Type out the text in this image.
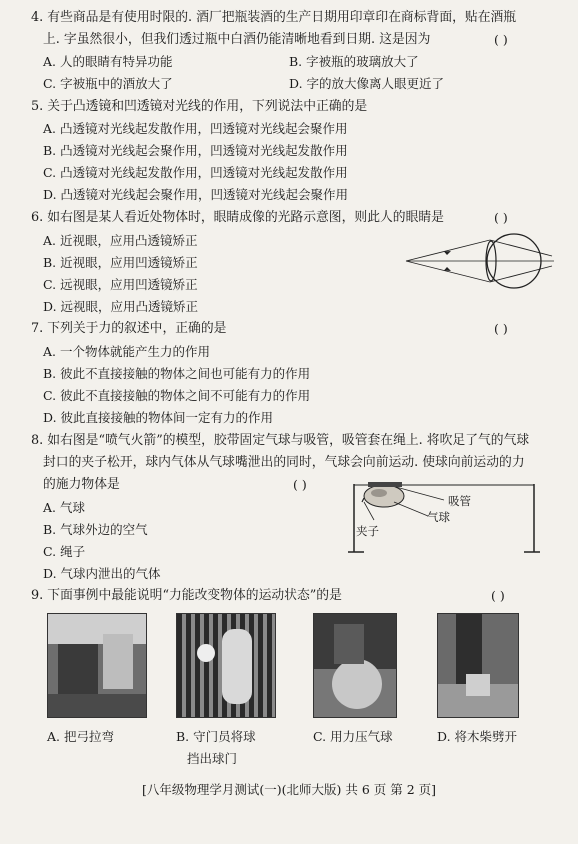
4. 有些商品是有使用时限的. 酒厂把瓶装酒的生产日期用印章印在商标背面，贴在酒瓶
上. 字虽然很小，但我们透过瓶中白酒仍能清晰地看到日期. 这是因为	( )
A. 人的眼睛有特异功能	B. 字被瓶的玻璃放大了
C. 字被瓶中的酒放大了	D. 字的放大像离人眼更近了
5. 关于凸透镜和凹透镜对光线的作用，下列说法中正确的是
A. 凸透镜对光线起发散作用，凹透镜对光线起会聚作用
B. 凸透镜对光线起会聚作用，凹透镜对光线起发散作用
C. 凸透镜对光线起发散作用，凹透镜对光线起发散作用
D. 凸透镜对光线起会聚作用，凹透镜对光线起会聚作用
6. 如右图是某人看近处物体时，眼睛成像的光路示意图，则此人的眼睛是	( )
A. 近视眼，应用凸透镜矫正
B. 近视眼，应用凹透镜矫正
C. 远视眼，应用凹透镜矫正
D. 远视眼，应用凸透镜矫正
7. 下列关于力的叙述中，正确的是	( )
A. 一个物体就能产生力的作用
B. 彼此不直接接触的物体之间也可能有力的作用
C. 彼此不直接接触的物体之间不可能有力的作用
D. 彼此直接接触的物体间一定有力的作用
8. 如右图是“喷气火箭”的模型，胶带固定气球与吸管，吸管套在绳上. 将吹足了气的气球
封口的夹子松开，球内气体从气球嘴泄出的同时，气球会向前运动. 使球向前运动的力
的施力物体是	( )
A. 气球
B. 气球外边的空气
C. 绳子
D. 气球内泄出的气体
吸管
气球
夹子
9. 下面事例中最能说明“力能改变物体的运动状态”的是	( )
A. 把弓拉弯	B. 守门员将球
挡出球门
C. 用力压气球	D. 将木柴劈开
[八年级物理学月测试(一)(北师大版) 共 6 页 第 2 页]
